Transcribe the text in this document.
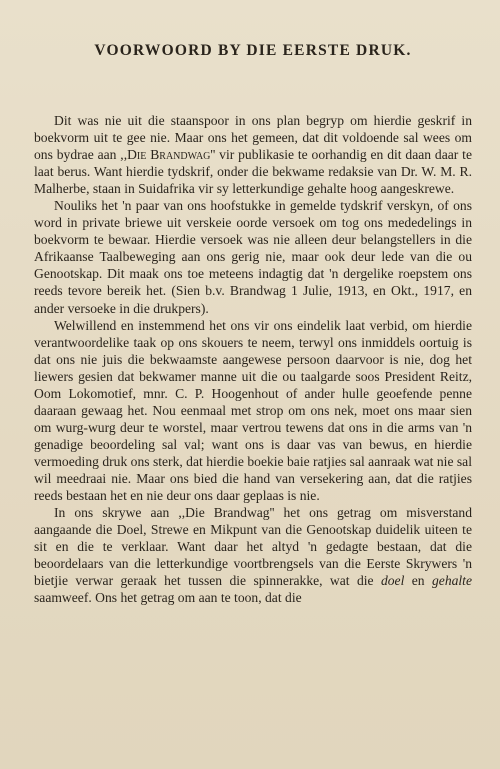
VOORWOORD BY DIE EERSTE DRUK.

Dit was nie uit die staanspoor in ons plan begryp om hierdie geskrif in boekvorm uit te gee nie. Maar ons het gemeen, dat dit voldoende sal wees om ons bydrae aan ,,Die Brandwag'' vir publikasie te oorhandig en dit daan daar te laat berus. Want hierdie tydskrif, onder die bekwame redaksie van Dr. W. M. R. Malherbe, staan in Suidafrika vir sy letterkundige gehalte hoog aangeskrewe.

Nouliks het 'n paar van ons hoofstukke in gemelde tydskrif verskyn, of ons word in private briewe uit verskeie oorde versoek om tog ons mededelings in boekvorm te bewaar. Hierdie versoek was nie alleen deur belangstellers in die Afrikaanse Taalbeweging aan ons gerig nie, maar ook deur lede van die ou Genootskap. Dit maak ons toe meteens indagtig dat 'n dergelike roepstem ons reeds tevore bereik het. (Sien b.v. Brandwag 1 Julie, 1913, en Okt., 1917, en ander versoeke in die drukpers).

Welwillend en instemmend het ons vir ons eindelik laat verbid, om hierdie verantwoordelike taak op ons skouers te neem, terwyl ons inmiddels oortuig is dat ons nie juis die bekwaamste aangewese persoon daarvoor is nie, dog het liewers gesien dat bekwamer manne uit die ou taalgarde soos President Reitz, Oom Lokomotief, mnr. C. P. Hoogenhout of ander hulle geoefende penne daaraan gewaag het. Nou eenmaal met strop om ons nek, moet ons maar sien om wurg-wurg deur te worstel, maar vertrou tewens dat ons in die arms van 'n genadige beoordeling sal val; want ons is daar vas van bewus, en hierdie vermoeding druk ons sterk, dat hierdie boekie baie ratjies sal aanraak wat nie sal wil meedraai nie. Maar ons bied die hand van versekering aan, dat die ratjies reeds bestaan het en nie deur ons daar geplaas is nie.

In ons skrywe aan ,,Die Brandwag'' het ons getrag om misverstand aangaande die Doel, Strewe en Mikpunt van die Genootskap duidelik uiteen te sit en die te verklaar. Want daar het altyd 'n gedagte bestaan, dat die beoordelaars van die letterkundige voortbrengsels van die Eerste Skrywers 'n bietjie verwar geraak het tussen die spinnerakke, wat die doel en gehalte saamweef. Ons het getrag om aan te toon, dat die
